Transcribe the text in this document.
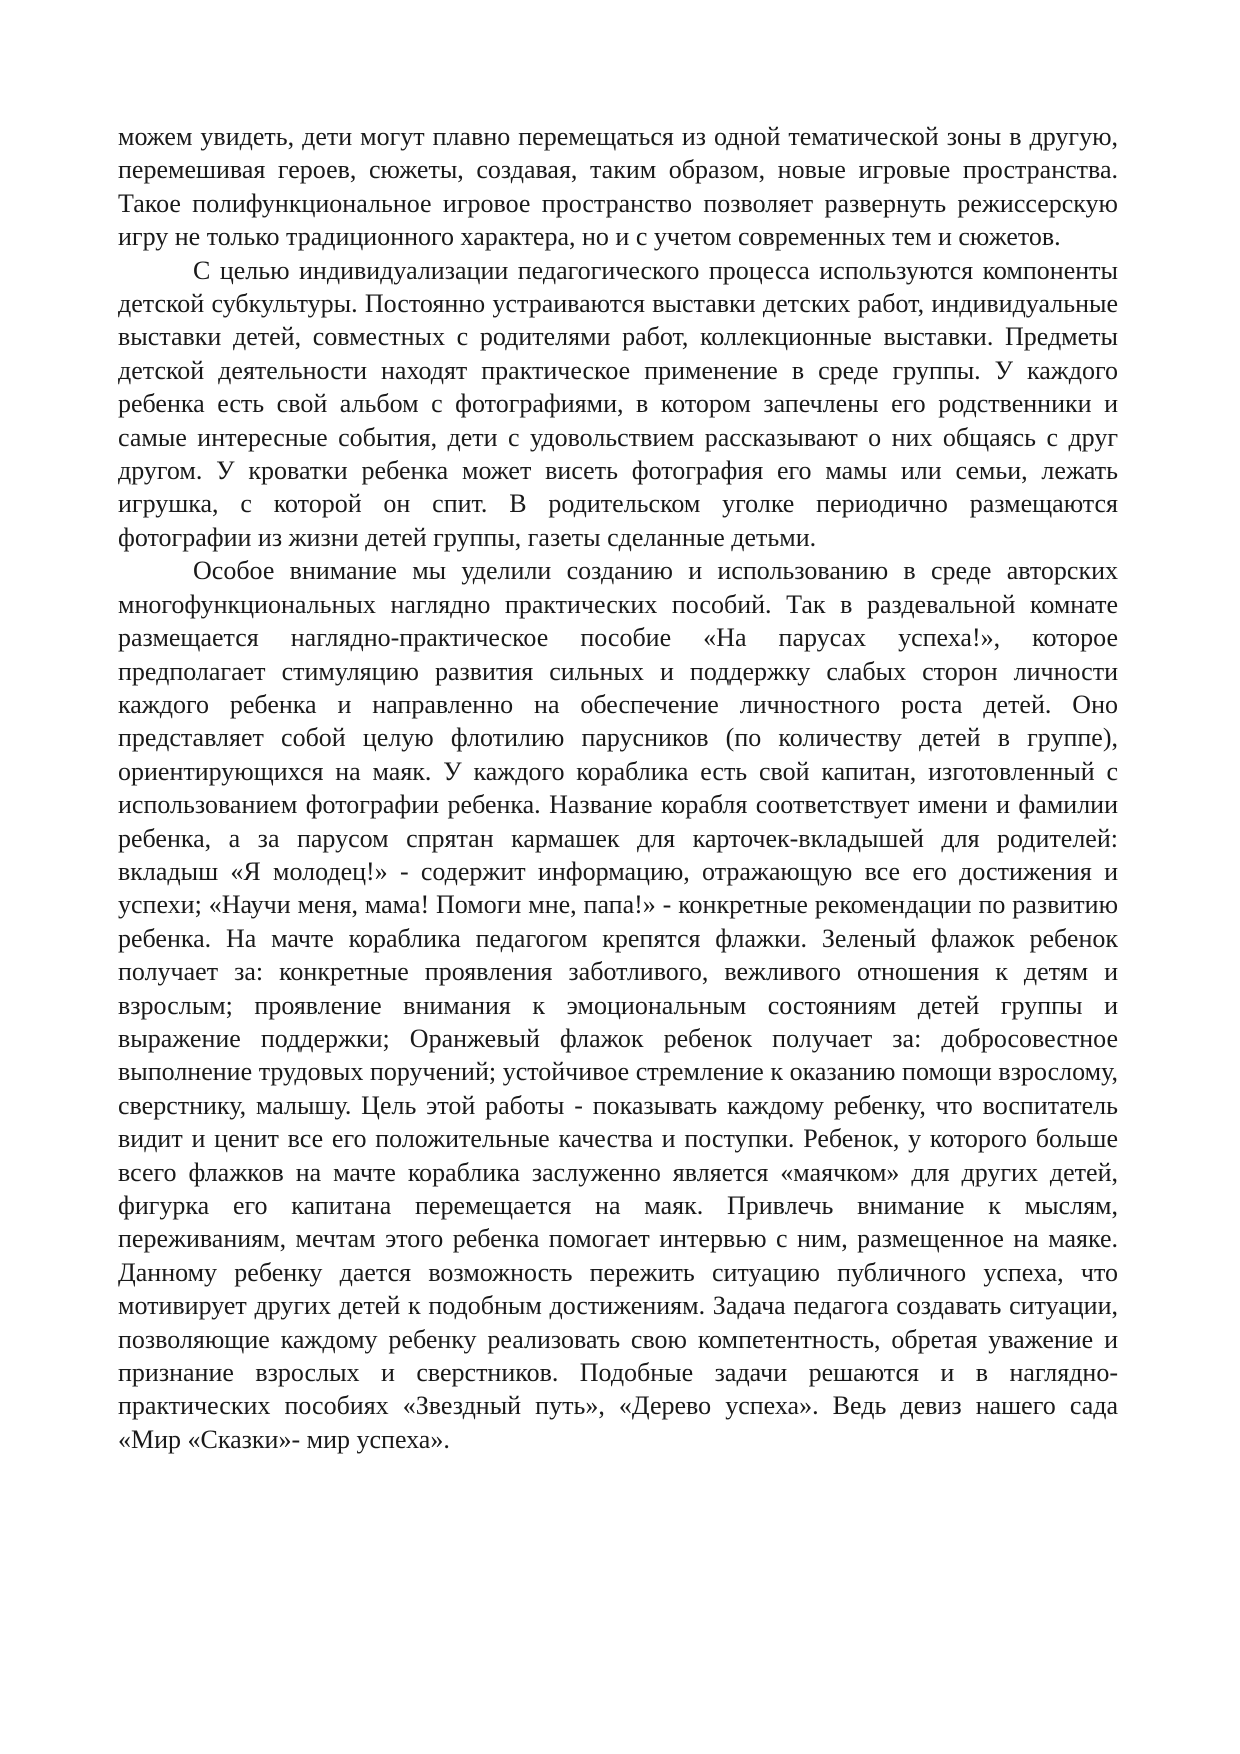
можем увидеть, дети могут плавно перемещаться из одной тематической зоны в другую, перемешивая героев, сюжеты, создавая, таким образом, новые игровые пространства. Такое полифункциональное игровое пространство позволяет развернуть режиссерскую игру не только традиционного характера, но и с учетом современных тем и сюжетов.

С целью индивидуализации педагогического процесса используются компоненты детской субкультуры. Постоянно устраиваются выставки детских работ, индивидуальные выставки детей, совместных с родителями работ, коллекционные выставки. Предметы детской деятельности находят практическое применение в среде группы. У каждого ребенка есть свой альбом с фотографиями, в котором запечлены его родственники и самые интересные события, дети с удовольствием рассказывают о них общаясь с друг другом. У кроватки ребенка может висеть фотография его мамы или семьи, лежать игрушка, с которой он спит. В родительском уголке периодично размещаются фотографии из жизни детей группы, газеты сделанные детьми.

Особое внимание мы уделили созданию и использованию в среде авторских многофункциональных наглядно практических пособий. Так в раздевальной комнате размещается наглядно-практическое пособие «На парусах успеха!», которое предполагает стимуляцию развития сильных и поддержку слабых сторон личности каждого ребенка и направленно на обеспечение личностного роста детей. Оно представляет собой целую флотилию парусников (по количеству детей в группе), ориентирующихся на маяк. У каждого кораблика есть свой капитан, изготовленный с использованием фотографии ребенка. Название корабля соответствует имени и фамилии ребенка, а за парусом спрятан кармашек для карточек-вкладышей для родителей: вкладыш «Я молодец!» - содержит информацию, отражающую все его достижения и успехи; «Научи меня, мама! Помоги мне, папа!» - конкретные рекомендации по развитию ребенка. На мачте кораблика педагогом крепятся флажки. Зеленый флажок ребенок получает за: конкретные проявления заботливого, вежливого отношения к детям и взрослым; проявление внимания к эмоциональным состояниям детей группы и выражение поддержки; Оранжевый флажок ребенок получает за: добросовестное выполнение трудовых поручений; устойчивое стремление к оказанию помощи взрослому, сверстнику, малышу. Цель этой работы - показывать каждому ребенку, что воспитатель видит и ценит все его положительные качества и поступки. Ребенок, у которого больше всего флажков на мачте кораблика заслуженно является «маячком» для других детей, фигурка его капитана перемещается на маяк. Привлечь внимание к мыслям, переживаниям, мечтам этого ребенка помогает интервью с ним, размещенное на маяке. Данному ребенку дается возможность пережить ситуацию публичного успеха, что мотивирует других детей к подобным достижениям. Задача педагога создавать ситуации, позволяющие каждому ребенку реализовать свою компетентность, обретая уважение и признание взрослых и сверстников. Подобные задачи решаются и в наглядно-практических пособиях «Звездный путь», «Дерево успеха». Ведь девиз нашего сада «Мир «Сказки»- мир успеха».
